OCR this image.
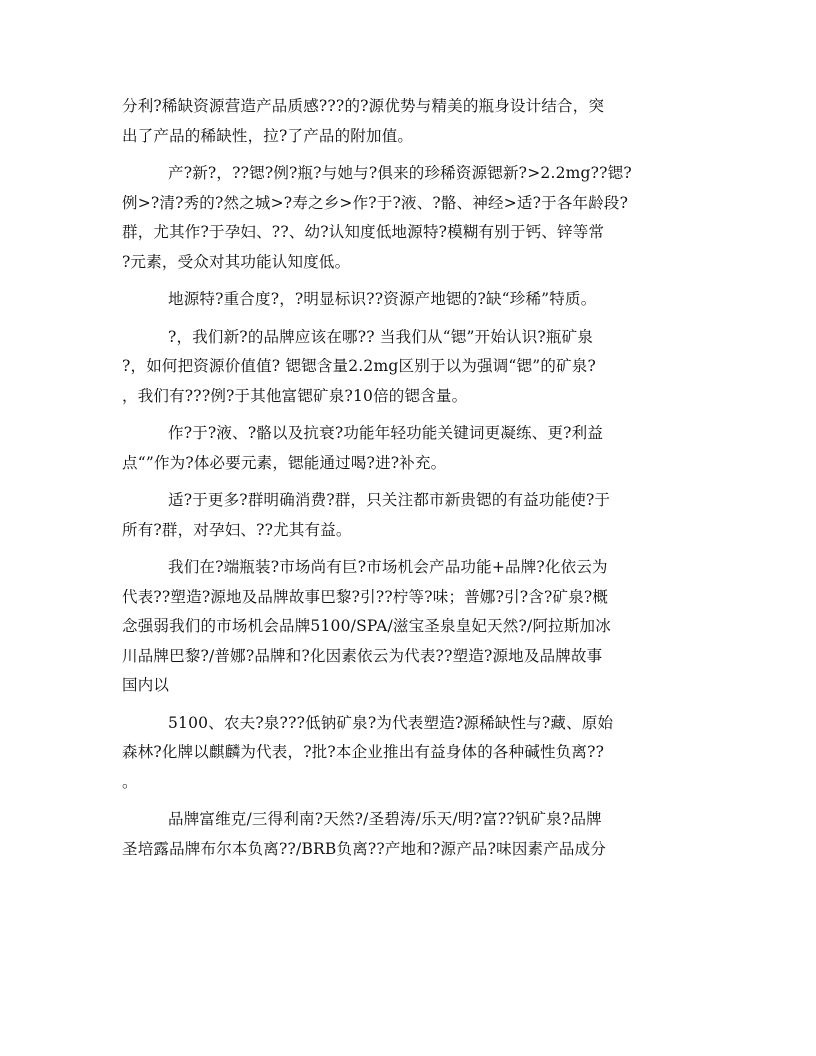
分利?稀缺资源营造产品质感???的?源优势与精美的瓶身设计结合，突
出了产品的稀缺性，拉?了产品的附加值。
产?新?，??锶?例?瓶?与她与?俱来的珍稀资源锶新?>2.2mg??锶?
例>?清?秀的?然之城>?寿之乡>作?于?液、?骼、神经>适?于各年龄段?
群，尤其作?于孕妇、??、幼?认知度低地源特?模糊有别于钙、锌等常
?元素，受众对其功能认知度低。
地源特?重合度?，?明显标识??资源产地锶的?缺“珍稀”特质。
?，我们新?的品牌应该在哪?? 当我们从“锶”开始认识?瓶矿泉
?，如何把资源价值值? 锶锶含量2.2mg区别于以为强调“锶”的矿泉?
，我们有???例?于其他富锶矿泉?10倍的锶含量。
作?于?液、?骼以及抗衰?功能年轻功能关键词更凝练、更?利益
点“”作为?体必要元素，锶能通过喝?进?补充。
适?于更多?群明确消费?群，只关注都市新贵锶的有益功能使?于
所有?群，对孕妇、??尤其有益。
我们在?端瓶装?市场尚有巨?市场机会产品功能+品牌?化依云为
代表??塑造?源地及品牌故事巴黎?引??柠等?味；普娜?引?含?矿泉?概
念强弱我们的市场机会品牌5100/SPA/滋宝圣泉皇妃天然?/阿拉斯加冰
川品牌巴黎?/普娜?品牌和?化因素依云为代表??塑造?源地及品牌故事
国内以
5100、农夫?泉???低钠矿泉?为代表塑造?源稀缺性与?藏、原始
森林?化牌以麒麟为代表，?批?本企业推出有益身体的各种碱性负离??
。
品牌富维克/三得利南?天然?/圣碧涛/乐天/明?富??钒矿泉?品牌
圣培露品牌布尔本负离??/BRB负离??产地和?源产品?味因素产品成分
